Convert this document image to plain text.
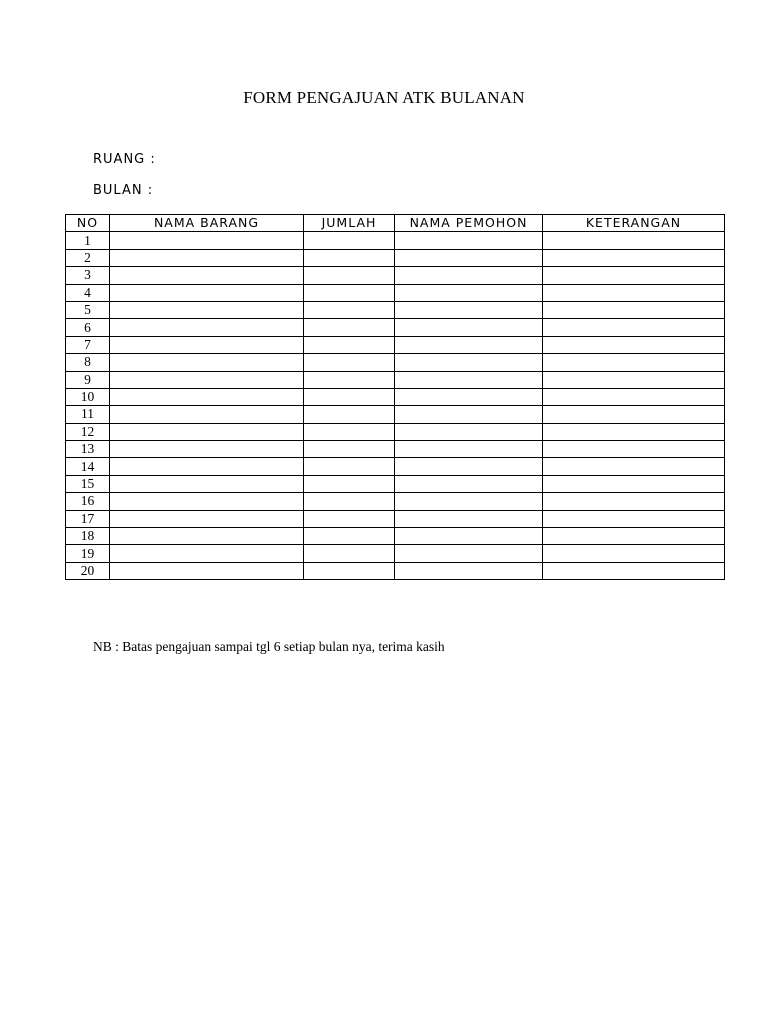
FORM PENGAJUAN ATK BULANAN
RUANG :
BULAN :
NO	NAMA BARANG	JUMLAH	NAMA PEMOHON	KETERANGAN
1				
2				
3				
4				
5				
6				
7				
8				
9				
10				
11				
12				
13				
14				
15				
16				
17				
18				
19				
20				
NB : Batas pengajuan sampai tgl 6 setiap bulan nya, terima kasih
